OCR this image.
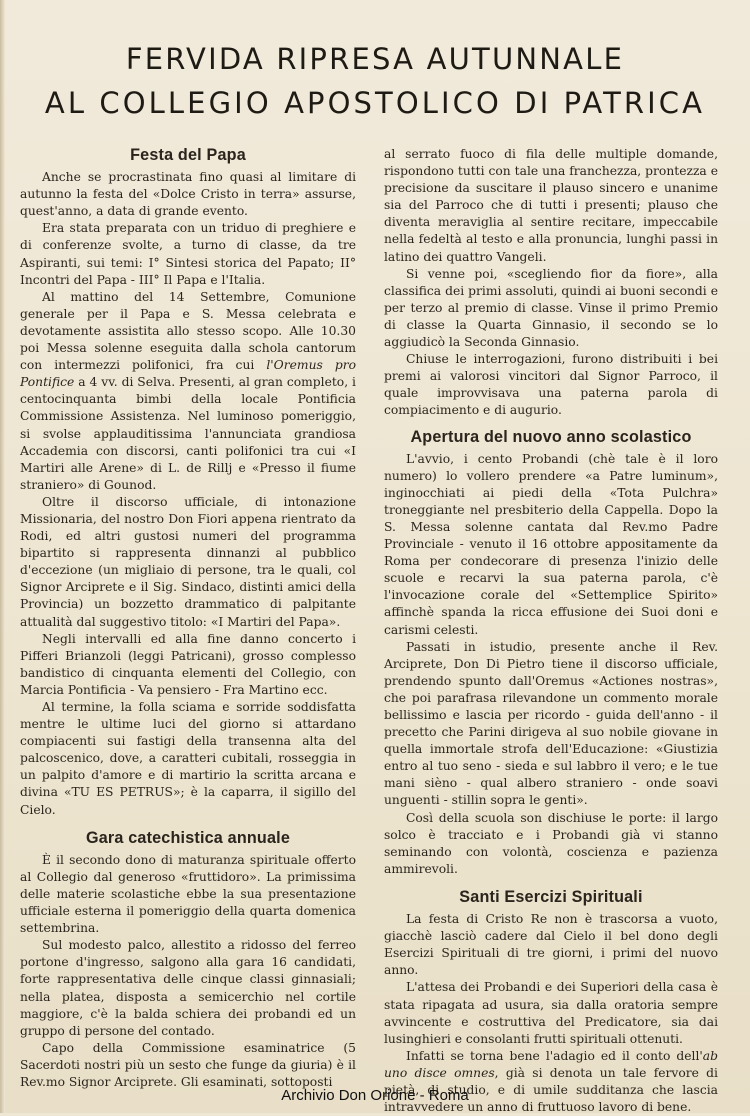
FERVIDA RIPRESA AUTUNNALE
AL COLLEGIO APOSTOLICO DI PATRICA
Festa del Papa

Anche se procrastinata fino quasi al limitare di autunno la festa del «Dolce Cristo in terra» assurse, quest'anno, a data di grande evento.

Era stata preparata con un triduo di preghiere e di conferenze svolte, a turno di classe, da tre Aspiranti, sui temi: I° Sintesi storica del Papato; II° Incontri del Papa - III° Il Papa e l'Italia.

Al mattino del 14 Settembre, Comunione generale per il Papa e S. Messa celebrata e devotamente assistita allo stesso scopo. Alle 10.30 poi Messa solenne eseguita dalla schola cantorum con intermezzi polifonici, fra cui l'Oremus pro Pontifice a 4 vv. di Selva. Presenti, al gran completo, i centocinquanta bimbi della locale Pontificia Commissione Assistenza. Nel luminoso pomeriggio, si svolse applauditissima l'annunciata grandiosa Accademia con discorsi, canti polifonici tra cui «I Martiri alle Arene» di L. de Rillj e «Presso il fiume straniero» di Gounod.

Oltre il discorso ufficiale, di intonazione Missionaria, del nostro Don Fiori appena rientrato da Rodi, ed altri gustosi numeri del programma bipartito si rappresenta dinnanzi al pubblico d'eccezione (un migliaio di persone, tra le quali, col Signor Arciprete e il Sig. Sindaco, distinti amici della Provincia) un bozzetto drammatico di palpitante attualità dal suggestivo titolo: «I Martiri del Papa».

Negli intervalli ed alla fine danno concerto i Pifferi Brianzoli (leggi Patricani), grosso complesso bandistico di cinquanta elementi del Collegio, con Marcia Pontificia - Va pensiero - Fra Martino ecc.

Al termine, la folla sciama e sorride soddisfatta mentre le ultime luci del giorno si attardano compiacenti sui fastigi della transenna alta del palcoscenico, dove, a caratteri cubitali, rosseggia in un palpito d'amore e di martirio la scritta arcana e divina «TU ES PETRUS»; è la caparra, il sigillo del Cielo.

Gara catechistica annuale

È il secondo dono di maturanza spirituale offerto al Collegio dal generoso «fruttidoro». La primissima delle materie scolastiche ebbe la sua presentazione ufficiale esterna il pomeriggio della quarta domenica settembrina.

Sul modesto palco, allestito a ridosso del ferreo portone d'ingresso, salgono alla gara 16 candidati, forte rappresentativa delle cinque classi ginnasiali; nella platea, disposta a semicerchio nel cortile maggiore, c'è la balda schiera dei probandi ed un gruppo di persone del contado.

Capo della Commissione esaminatrice (5 Sacerdoti nostri più un sesto che funge da giuria) è il Rev.mo Signor Arciprete. Gli esaminati, sottoposti

al serrato fuoco di fila delle multiple domande, rispondono tutti con tale una franchezza, prontezza e precisione da suscitare il plauso sincero e unanime sia del Parroco che di tutti i presenti; plauso che diventa meraviglia al sentire recitare, impeccabile nella fedeltà al testo e alla pronuncia, lunghi passi in latino dei quattro Vangeli.

Si venne poi, «scegliendo fior da fiore», alla classifica dei primi assoluti, quindi ai buoni secondi e per terzo al premio di classe. Vinse il primo Premio di classe la Quarta Ginnasio, il secondo se lo aggiudicò la Seconda Ginnasio.

Chiuse le interrogazioni, furono distribuiti i bei premi ai valorosi vincitori dal Signor Parroco, il quale improvvisava una paterna parola di compiacimento e di augurio.

Apertura del nuovo anno scolastico

L'avvio, i cento Probandi (chè tale è il loro numero) lo vollero prendere «a Patre luminum», inginocchiati ai piedi della «Tota Pulchra» troneggiante nel presbiterio della Cappella. Dopo la S. Messa solenne cantata dal Rev.mo Padre Provinciale - venuto il 16 ottobre appositamente da Roma per condecorare di presenza l'inizio delle scuole e recarvi la sua paterna parola, c'è l'invocazione corale del «Settemplice Spirito» affinchè spanda la ricca effusione dei Suoi doni e carismi celesti.

Passati in istudio, presente anche il Rev. Arciprete, Don Di Pietro tiene il discorso ufficiale, prendendo spunto dall'Oremus «Actiones nostras», che poi parafrasa rilevandone un commento morale bellissimo e lascia per ricordo - guida dell'anno - il precetto che Parini dirigeva al suo nobile giovane in quella immortale strofa dell'Educazione: «Giustizia entro al tuo seno - sieda e sul labbro il vero; e le tue mani sièno - qual albero straniero - onde soavi unguenti - stillin sopra le genti».

Così della scuola son dischiuse le porte: il largo solco è tracciato e i Probandi già vi stanno seminando con volontà, coscienza e pazienza ammirevoli.

Santi Esercizi Spirituali

La festa di Cristo Re non è trascorsa a vuoto, giacchè lasciò cadere dal Cielo il bel dono degli Esercizi Spirituali di tre giorni, i primi del nuovo anno.

L'attesa dei Probandi e dei Superiori della casa è stata ripagata ad usura, sia dalla oratoria sempre avvincente e costruttiva del Predicatore, sia dai lusinghieri e consolanti frutti spirituali ottenuti.

Infatti se torna bene l'adagio ed il conto dell'ab uno disce omnes, già si denota un tale fervore di pietà, di studio, e di umile sudditanza che lascia intravvedere un anno di fruttuoso lavoro di bene.

Archivio Don Orione - Roma
